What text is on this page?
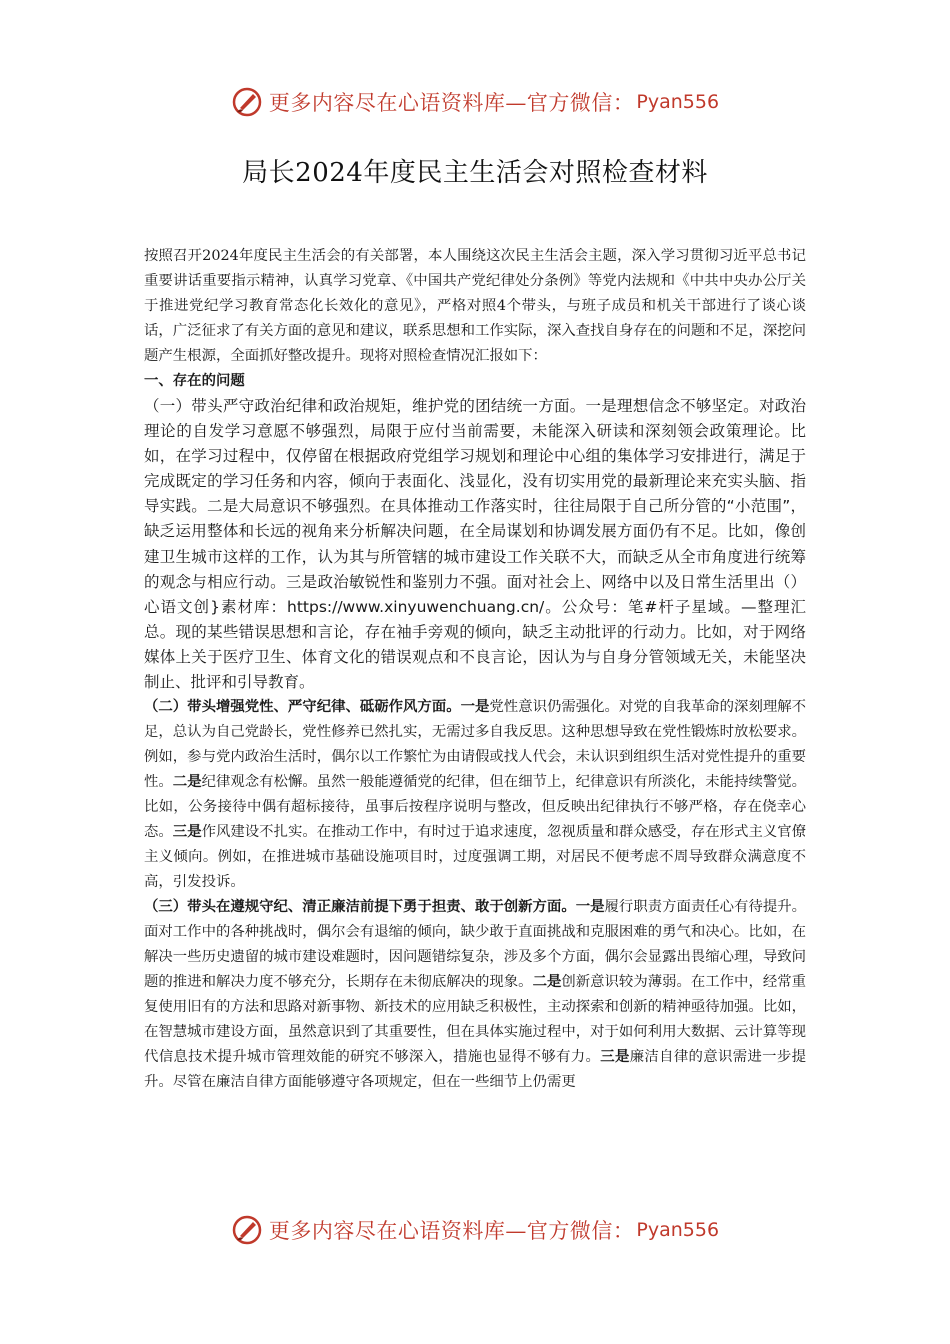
更多内容尽在心语资料库—官方微信： Pyan556
局长2024年度民主生活会对照检查材料

按照召开2024年度民主生活会的有关部署，本人围绕这次民主生活会主题，深入学习贯彻习近平总书记重要讲话重要指示精神，认真学习党章、《中国共产党纪律处分条例》等党内法规和《中共中央办公厅关于推进党纪学习教育常态化长效化的意见》，严格对照4个带头，与班子成员和机关干部进行了谈心谈话，广泛征求了有关方面的意见和建议，联系思想和工作实际，深入查找自身存在的问题和不足，深挖问题产生根源，全面抓好整改提升。现将对照检查情况汇报如下：

一、存在的问题

（一）带头严守政治纪律和政治规矩，维护党的团结统一方面。一是理想信念不够坚定。对政治理论的自发学习意愿不够强烈，局限于应付当前需要，未能深入研读和深刻领会政策理论。比如，在学习过程中，仅停留在根据政府党组学习规划和理论中心组的集体学习安排进行，满足于完成既定的学习任务和内容，倾向于表面化、浅显化，没有切实用党的最新理论来充实头脑、指导实践。二是大局意识不够强烈。在具体推动工作落实时，往往局限于自己所分管的“小范围”，缺乏运用整体和长远的视角来分析解决问题，在全局谋划和协调发展方面仍有不足。比如，像创建卫生城市这样的工作，认为其与所管辖的城市建设工作关联不大，而缺乏从全市角度进行统筹的观念与相应行动。三是政治敏锐性和鉴别力不强。面对社会上、网络中以及日常生活里出（）心语文创}素材库：https://www.xinyuwenchuang.cn/。公众号：笔#杆子星域。—整理汇总。现的某些错误思想和言论，存在袖手旁观的倾向，缺乏主动批评的行动力。比如，对于网络媒体上关于医疗卫生、体育文化的错误观点和不良言论，因认为与自身分管领域无关，未能坚决制止、批评和引导教育。

（二）带头增强党性、严守纪律、砥砺作风方面。一是党性意识仍需强化。对党的自我革命的深刻理解不足，总认为自己党龄长，党性修养已然扎实，无需过多自我反思。这种思想导致在党性锻炼时放松要求。例如，参与党内政治生活时，偶尔以工作繁忙为由请假或找人代会，未认识到组织生活对党性提升的重要性。二是纪律观念有松懈。虽然一般能遵循党的纪律，但在细节上，纪律意识有所淡化，未能持续警觉。比如，公务接待中偶有超标接待，虽事后按程序说明与整改，但反映出纪律执行不够严格，存在侥幸心态。三是作风建设不扎实。在推动工作中，有时过于追求速度，忽视质量和群众感受，存在形式主义官僚主义倾向。例如，在推进城市基础设施项目时，过度强调工期，对居民不便考虑不周导致群众满意度不高，引发投诉。

（三）带头在遵规守纪、清正廉洁前提下勇于担责、敢于创新方面。一是履行职责方面责任心有待提升。面对工作中的各种挑战时，偶尔会有退缩的倾向，缺少敢于直面挑战和克服困难的勇气和决心。比如，在解决一些历史遗留的城市建设难题时，因问题错综复杂，涉及多个方面，偶尔会显露出畏缩心理，导致问题的推进和解决力度不够充分，长期存在未彻底解决的现象。二是创新意识较为薄弱。在工作中，经常重复使用旧有的方法和思路对新事物、新技术的应用缺乏积极性，主动探索和创新的精神亟待加强。比如，在智慧城市建设方面，虽然意识到了其重要性，但在具体实施过程中，对于如何利用大数据、云计算等现代信息技术提升城市管理效能的研究不够深入，措施也显得不够有力。三是廉洁自律的意识需进一步提升。尽管在廉洁自律方面能够遵守各项规定，但在一些细节上仍需更

更多内容尽在心语资料库—官方微信： Pyan556
